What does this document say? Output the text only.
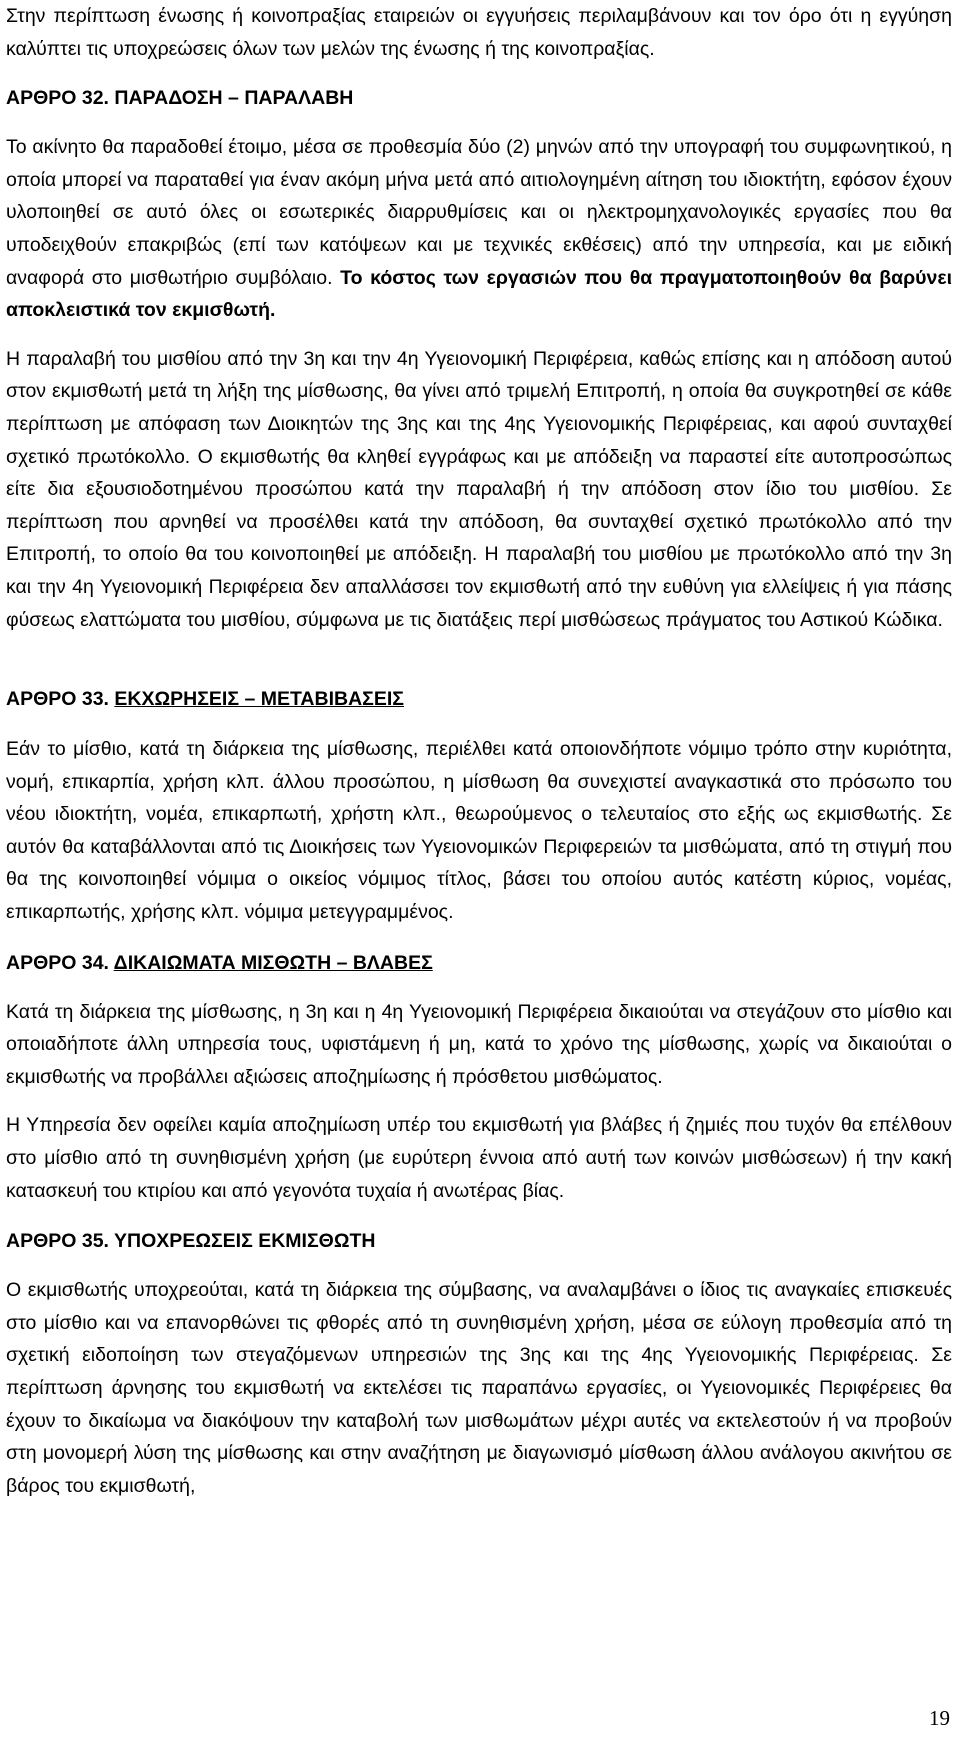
Στην περίπτωση ένωσης ή κοινοπραξίας εταιρειών οι εγγυήσεις περιλαμβάνουν και τον όρο ότι η εγγύηση καλύπτει τις υποχρεώσεις όλων των μελών της ένωσης ή της κοινοπραξίας.

ΑΡΘΡΟ 32. ΠΑΡΑΔΟΣΗ – ΠΑΡΑΛΑΒΗ

Το ακίνητο θα παραδοθεί έτοιμο, μέσα σε προθεσμία δύο (2) μηνών από την υπογραφή του συμφωνητικού, η οποία μπορεί να παραταθεί για έναν ακόμη μήνα μετά από αιτιολογημένη αίτηση του ιδιοκτήτη, εφόσον έχουν υλοποιηθεί σε αυτό όλες οι εσωτερικές διαρρυθμίσεις και οι ηλεκτρομηχανολογικές εργασίες που θα υποδειχθούν επακριβώς (επί των κατόψεων και με τεχνικές εκθέσεις) από την υπηρεσία, και με ειδική αναφορά στο μισθωτήριο συμβόλαιο. Το κόστος των εργασιών που θα πραγματοποιηθούν θα βαρύνει αποκλειστικά τον εκμισθωτή.

Η παραλαβή του μισθίου από την 3η και την 4η Υγειονομική Περιφέρεια, καθώς επίσης και η απόδοση αυτού στον εκμισθωτή μετά τη λήξη της μίσθωσης, θα γίνει από τριμελή Επιτροπή, η οποία θα συγκροτηθεί σε κάθε περίπτωση με απόφαση των Διοικητών της 3ης και της 4ης Υγειονομικής Περιφέρειας, και αφού συνταχθεί σχετικό πρωτόκολλο. Ο εκμισθωτής θα κληθεί εγγράφως και με απόδειξη να παραστεί είτε αυτοπροσώπως είτε δια εξουσιοδοτημένου προσώπου κατά την παραλαβή ή την απόδοση στον ίδιο του μισθίου. Σε περίπτωση που αρνηθεί να προσέλθει κατά την απόδοση, θα συνταχθεί σχετικό πρωτόκολλο από την Επιτροπή, το οποίο θα του κοινοποιηθεί με απόδειξη. Η παραλαβή του μισθίου με πρωτόκολλο από την 3η και την 4η Υγειονομική Περιφέρεια δεν απαλλάσσει τον εκμισθωτή από την ευθύνη για ελλείψεις ή για πάσης φύσεως ελαττώματα του μισθίου, σύμφωνα με τις διατάξεις περί μισθώσεως πράγματος του Αστικού Κώδικα.

ΑΡΘΡΟ 33. ΕΚΧΩΡΗΣΕΙΣ – ΜΕΤΑΒΙΒΑΣΕΙΣ

Εάν το μίσθιο, κατά τη διάρκεια της μίσθωσης, περιέλθει κατά οποιονδήποτε νόμιμο τρόπο στην κυριότητα, νομή, επικαρπία, χρήση κλπ. άλλου προσώπου, η μίσθωση θα συνεχιστεί αναγκαστικά στο πρόσωπο του νέου ιδιοκτήτη, νομέα, επικαρπωτή, χρήστη κλπ., θεωρούμενος ο τελευταίος στο εξής ως εκμισθωτής. Σε αυτόν θα καταβάλλονται από τις Διοικήσεις των Υγειονομικών Περιφερειών τα μισθώματα, από τη στιγμή που θα της κοινοποιηθεί νόμιμα ο οικείος νόμιμος τίτλος, βάσει του οποίου αυτός κατέστη κύριος, νομέας, επικαρπωτής, χρήσης κλπ. νόμιμα μετεγγραμμένος.

ΑΡΘΡΟ 34. ΔΙΚΑΙΩΜΑΤΑ ΜΙΣΘΩΤΗ – ΒΛΑΒΕΣ

Κατά τη διάρκεια της μίσθωσης, η 3η και η 4η Υγειονομική Περιφέρεια δικαιούται να στεγάζουν στο μίσθιο και οποιαδήποτε άλλη υπηρεσία τους, υφιστάμενη ή μη, κατά το χρόνο της μίσθωσης, χωρίς να δικαιούται ο εκμισθωτής να προβάλλει αξιώσεις αποζημίωσης ή πρόσθετου μισθώματος.

Η Υπηρεσία δεν οφείλει καμία αποζημίωση υπέρ του εκμισθωτή για βλάβες ή ζημιές που τυχόν θα επέλθουν στο μίσθιο από τη συνηθισμένη χρήση (με ευρύτερη έννοια από αυτή των κοινών μισθώσεων) ή την κακή κατασκευή του κτιρίου και από γεγονότα τυχαία ή ανωτέρας βίας.

ΑΡΘΡΟ 35. ΥΠΟΧΡΕΩΣΕΙΣ ΕΚΜΙΣΘΩΤΗ

Ο εκμισθωτής υποχρεούται, κατά τη διάρκεια της σύμβασης, να αναλαμβάνει ο ίδιος τις αναγκαίες επισκευές στο μίσθιο και να επανορθώνει τις φθορές από τη συνηθισμένη χρήση, μέσα σε εύλογη προθεσμία από τη σχετική ειδοποίηση των στεγαζόμενων υπηρεσιών της 3ης και της 4ης Υγειονομικής Περιφέρειας. Σε περίπτωση άρνησης του εκμισθωτή να εκτελέσει τις παραπάνω εργασίες, οι Υγειονομικές Περιφέρειες θα έχουν το δικαίωμα να διακόψουν την καταβολή των μισθωμάτων μέχρι αυτές να εκτελεστούν ή να προβούν στη μονομερή λύση της μίσθωσης και στην αναζήτηση με διαγωνισμό μίσθωση άλλου ανάλογου ακινήτου σε βάρος του εκμισθωτή,

19
